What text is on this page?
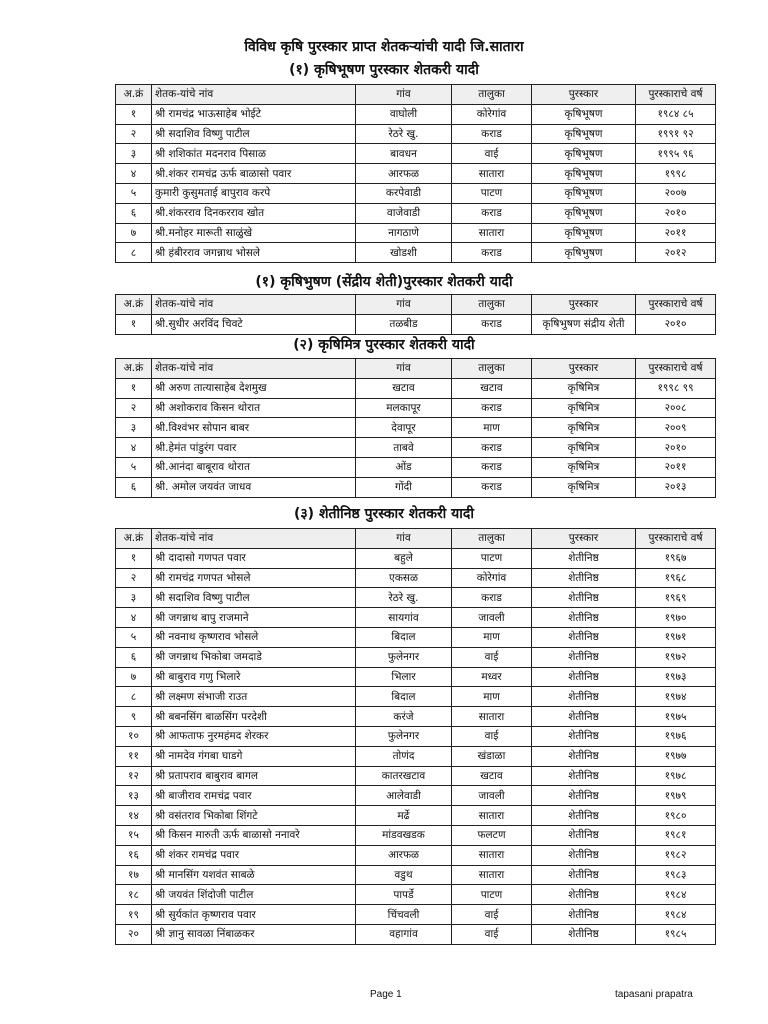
विविध कृषि पुरस्कार प्राप्त शेतकऱ्यांची यादी जि.सातारा
(१) कृषिभूषण पुरस्कार शेतकरी यादी
अ.क्रं	शेतक-यांचे नांव	गांव	तालुका	पुरस्कार	पुरस्काराचे वर्ष
१	श्री रामचंद्र भाऊसाहेब भोईटे	वाघोली	कोरेगांव	कृषिभूषण	१९८४ ८५
२	श्री सदाशिव विष्णु पाटील	रेठरे खु.	कराड	कृषिभूषण	१९९१ ९२
३	श्री शशिकांत मदनराव पिसाळ	बावधन	वाई	कृषिभूषण	१९९५ ९६
४	श्री.शंकर रामचंद्र ऊर्फ बाळासो पवार	आरफळ	सातारा	कृषिभूषण	१९९८
५	कुमारी कुसुमताई बापुराव करपे	करपेवाडी	पाटण	कृषिभूषण	२००७
६	श्री.शंकरराव दिनकरराव खोत	वाजेवाडी	कराड	कृषिभूषण	२०१०
७	श्री.मनोहर मारूती साळुंखे	नागठाणे	सातारा	कृषिभूषण	२०११
८	श्री हंबीरराव जगन्नाथ भोसले	खोडशी	कराड	कृषिभुषण	२०१२
(१) कृषिभुषण (सेंद्रीय शेती)पुरस्कार शेतकरी यादी
अ.क्रं	शेतक-यांचे नांव	गांव	तालुका	पुरस्कार	पुरस्काराचे वर्ष
१	श्री.सुधीर अरविंद चिवटे	तळबीड	कराड	कृषिभुषण संद्रीय शेती	२०१०
(२) कृषिमित्र पुरस्कार शेतकरी यादी
अ.क्रं	शेतक-यांचे नांव	गांव	तालुका	पुरस्कार	पुरस्काराचे वर्ष
१	श्री अरुण तात्यासाहेब देशमुख	खटाव	खटाव	कृषिमित्र	१९९८ ९९
२	श्री अशोकराव किसन थोरात	मलकापूर	कराड	कृषिमित्र	२००८
३	श्री.विश्वंभर सोपान बाबर	देवापूर	माण	कृषिमित्र	२००९
४	श्री.हेमंत पांडुरंग पवार	ताबवे	कराड	कृषिमित्र	२०१०
५	श्री.आनंदा बाबूराव थोरात	ओंड	कराड	कृषिमित्र	२०११
६	श्री. अमोल जयवंत जाधव	गोंदी	कराड	कृषिमित्र	२०१३
(३) शेतीनिष्ठ पुरस्कार शेतकरी यादी
अ.क्रं	शेतक-यांचे नांव	गांव	तालुका	पुरस्कार	पुरस्काराचे वर्ष
१	श्री दादासो गणपत पवार	बहुले	पाटण	शेतीनिष्ठ	१९६७
२	श्री रामचंद्र गणपत भोसले	एकसळ	कोरेगांव	शेतीनिष्ठ	१९६८
३	श्री सदाशिव विष्णु पाटील	रेठरे खु.	कराड	शेतीनिष्ठ	१९६९
४	श्री जगन्नाथ बापु राजमाने	सायगांव	जावली	शेतीनिष्ठ	१९७०
५	श्री नवनाथ कृष्णराव भोसले	बिदाल	माण	शेतीनिष्ठ	१९७१
६	श्री जगन्नाथ भिकोबा जमदाडे	फुलेनगर	वाई	शेतीनिष्ठ	१९७२
७	श्री बाबुराव गणु भिलारे	भिलार	मध्वर	शेतीनिष्ठ	१९७३
८	श्री लक्ष्मण संभाजी राउत	बिदाल	माण	शेतीनिष्ठ	१९७४
९	श्री बबनसिंग बाळसिंग परदेशी	करंजे	सातारा	शेतीनिष्ठ	१९७५
१०	श्री आफताफ नुरमहंमद शेरकर	फुलेनगर	वाई	शेतीनिष्ठ	१९७६
११	श्री नामदेव गंगबा घाडगे	तोणंद	खंडाळा	शेतीनिष्ठ	१९७७
१२	श्री प्रतापराव बाबुराव बागल	कातरखटाव	खटाव	शेतीनिष्ठ	१९७८
१३	श्री बाजीराव रामचंद्र पवार	आलेवाडी	जावली	शेतीनिष्ठ	१९७९
१४	श्री वसंतराव भिकोबा शिंगटे	मर्ढे	सातारा	शेतीनिष्ठ	१९८०
१५	श्री किसन मारुती ऊर्फ बाळासो ननावरे	मांडवखडक	फलटण	शेतीनिष्ठ	१९८१
१६	श्री शंकर रामचंद्र पवार	आरफळ	सातारा	शेतीनिष्ठ	१९८२
१७	श्री मानसिंग यशवंत साबळे	वडुथ	सातारा	शेतीनिष्ठ	१९८३
१८	श्री जयवंत शिंदोजी पाटील	पापर्डे	पाटण	शेतीनिष्ठ	१९८४
१९	श्री सुर्यकांत कृष्णराव पवार	चिंचवली	वाई	शेतीनिष्ठ	१९८४
२०	श्री ज्ञानु सावळा निंबाळकर	वहागांव	वाई	शेतीनिष्ठ	१९८५
Page 1	tapasani prapatra
